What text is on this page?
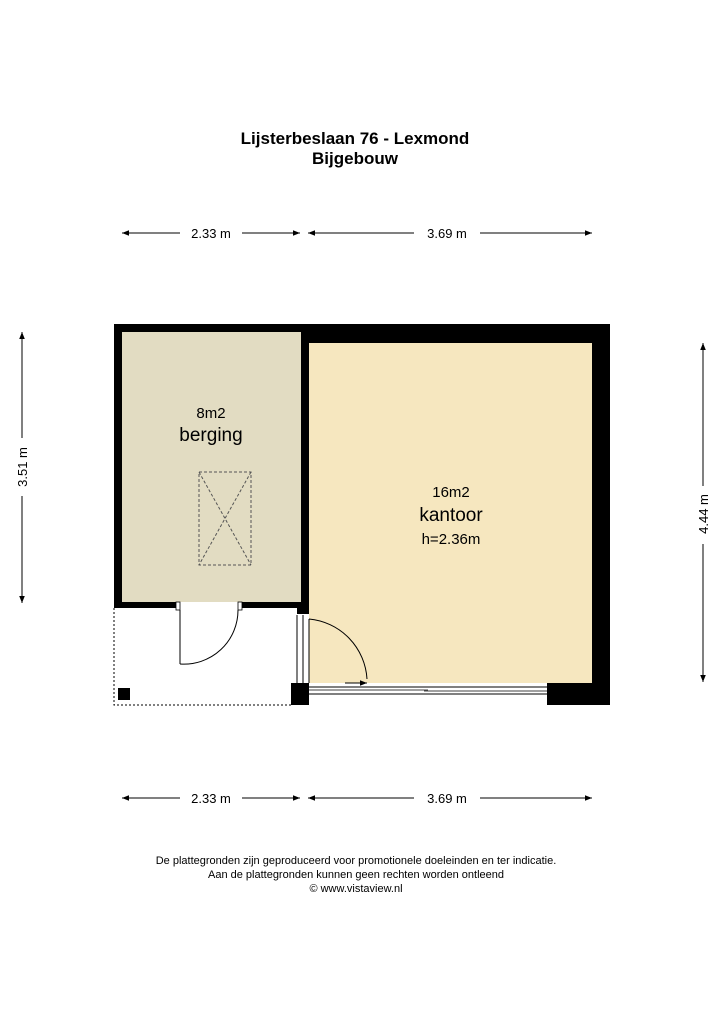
Lijsterbeslaan 76 - Lexmond
Bijgebouw
2.33 m	3.69 m
3.51 m
4.44 m
8m2
berging
16m2
kantoor
h=2.36m
2.33 m	3.69 m
De plattegronden zijn geproduceerd voor promotionele doeleinden en ter indicatie.
Aan de plattegronden kunnen geen rechten worden ontleend
© www.vistaview.nl
